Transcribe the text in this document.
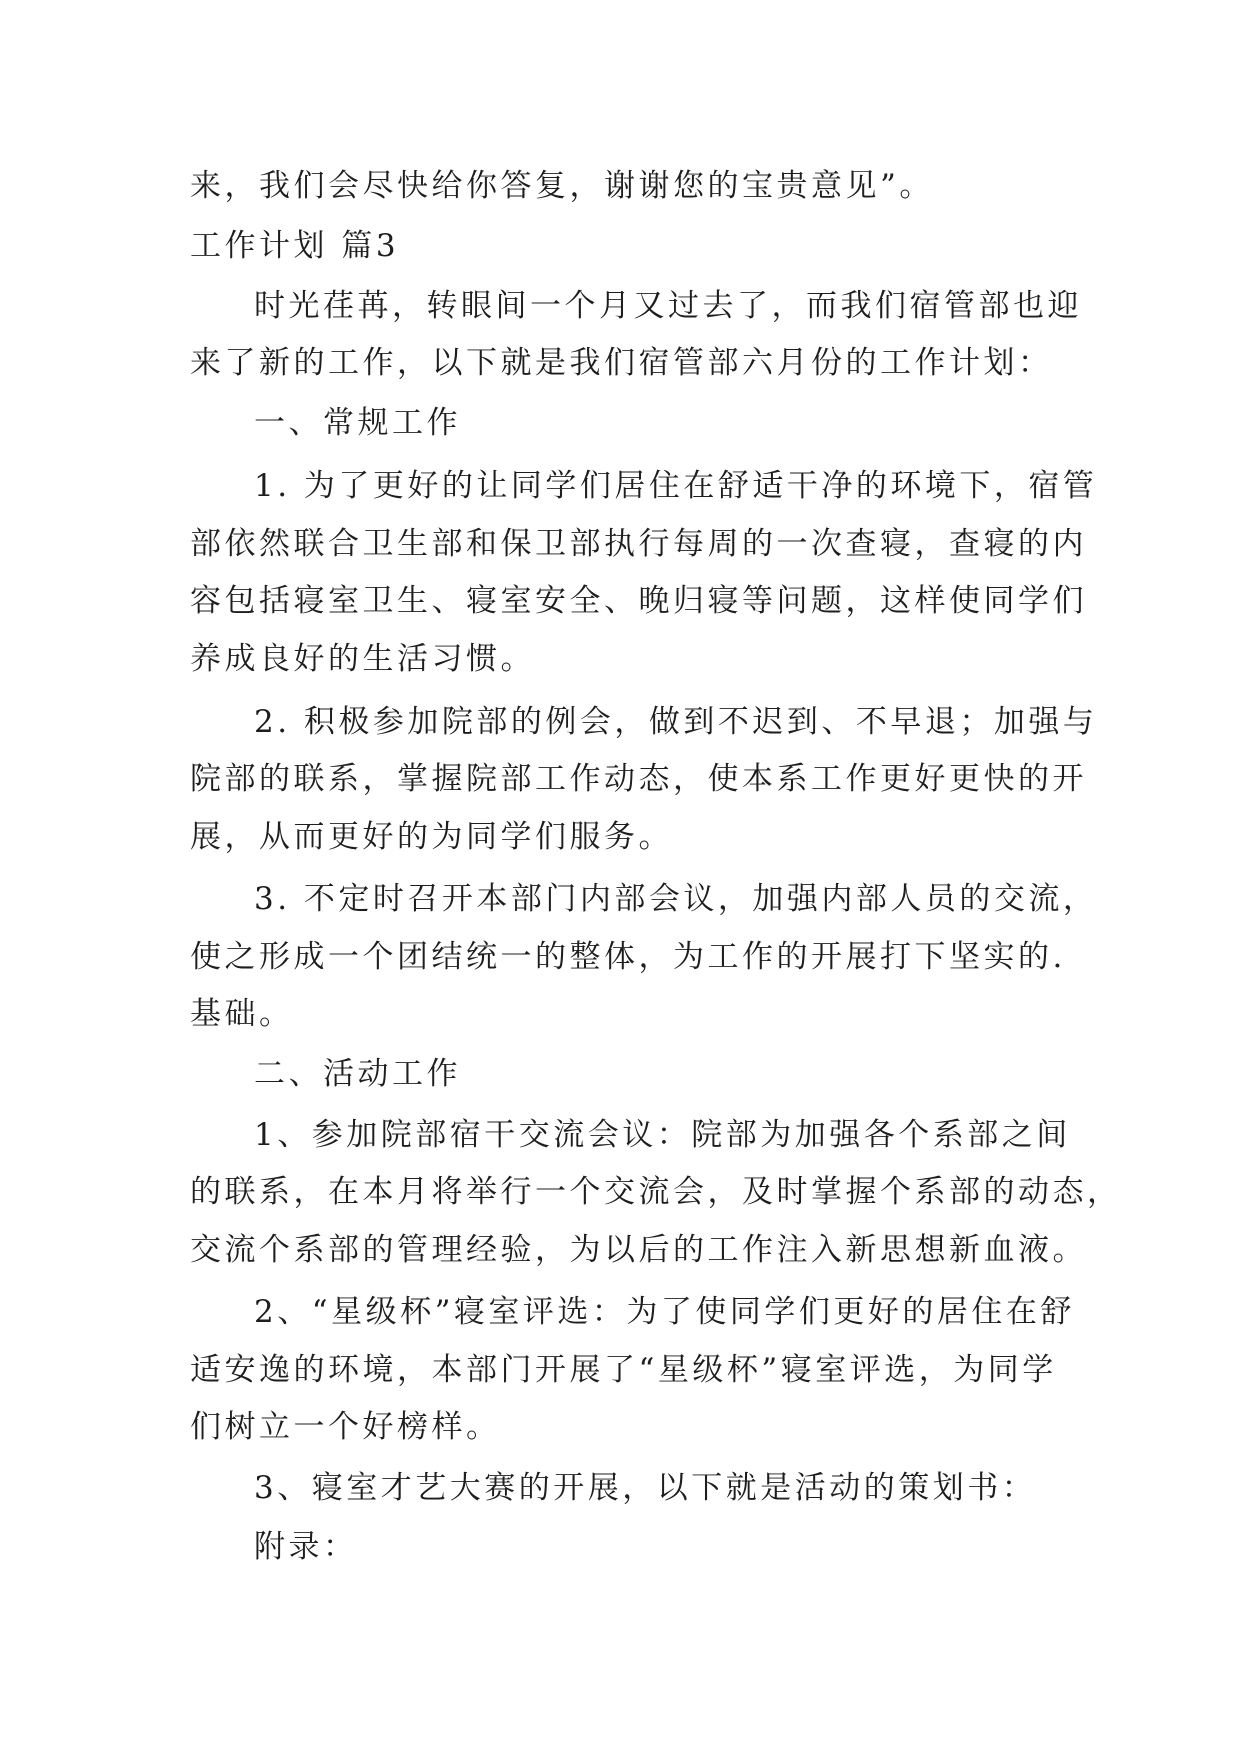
来，我们会尽快给你答复，谢谢您的宝贵意见”。
工作计划 篇3
时光荏苒，转眼间一个月又过去了，而我们宿管部也迎
来了新的工作，以下就是我们宿管部六月份的工作计划：
一、常规工作
1. 为了更好的让同学们居住在舒适干净的环境下，宿管
部依然联合卫生部和保卫部执行每周的一次查寝，查寝的内
容包括寝室卫生、寝室安全、晚归寝等问题，这样使同学们
养成良好的生活习惯。
2. 积极参加院部的例会，做到不迟到、不早退；加强与
院部的联系，掌握院部工作动态，使本系工作更好更快的开
展，从而更好的为同学们服务。
3. 不定时召开本部门内部会议，加强内部人员的交流，
使之形成一个团结统一的整体，为工作的开展打下坚实的.
基础。
二、活动工作
1、参加院部宿干交流会议：院部为加强各个系部之间
的联系，在本月将举行一个交流会，及时掌握个系部的动态，
交流个系部的管理经验，为以后的工作注入新思想新血液。
2、“星级杯”寝室评选：为了使同学们更好的居住在舒
适安逸的环境，本部门开展了“星级杯”寝室评选，为同学
们树立一个好榜样。
3、寝室才艺大赛的开展，以下就是活动的策划书：
附录：
